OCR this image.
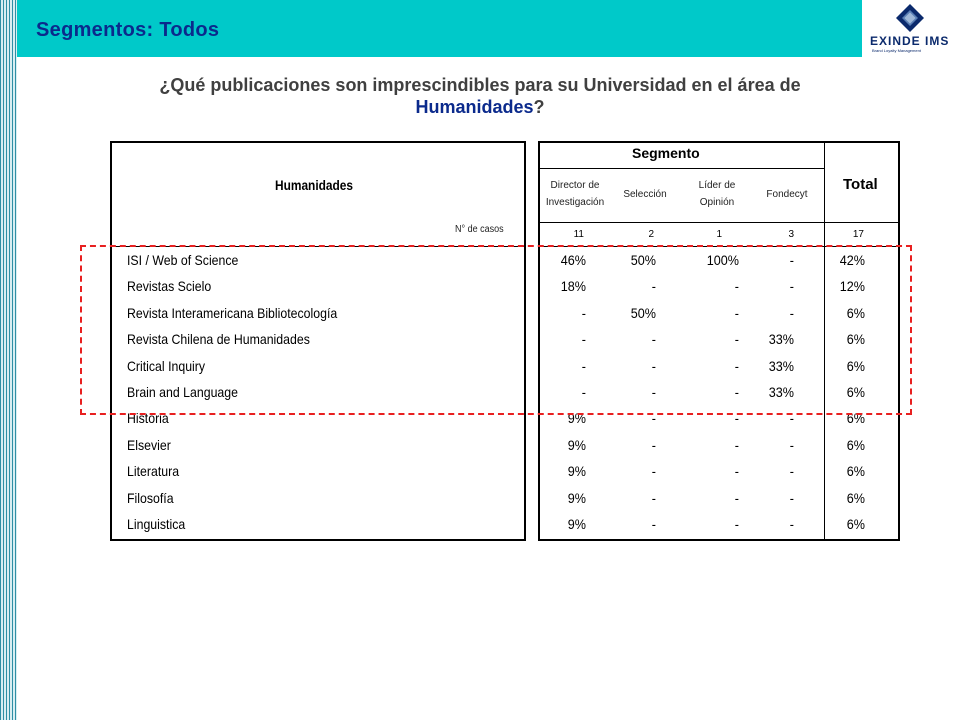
Segmentos: Todos	EXINDE IMS
Brand Loyalty Management
¿Qué publicaciones son imprescindibles para su Universidad en el área de
Humanidades?
Humanidades
N° de casos
Segmento
Total
Director de Investigación
Selección
Líder de Opinión
Fondecyt
11	2	1	3	17
ISI / Web of Science	46%	50%	100%	-	42%
Revistas Scielo	18%	-	-	-	12%
Revista Interamericana Bibliotecología	-	50%	-	-	6%
Revista Chilena de Humanidades	-	-	-	33%	6%
Critical Inquiry	-	-	-	33%	6%
Brain and Language	-	-	-	33%	6%
Historia	9%	-	-	-	6%
Elsevier	9%	-	-	-	6%
Literatura	9%	-	-	-	6%
Filosofía	9%	-	-	-	6%
Linguistica	9%	-	-	-	6%
